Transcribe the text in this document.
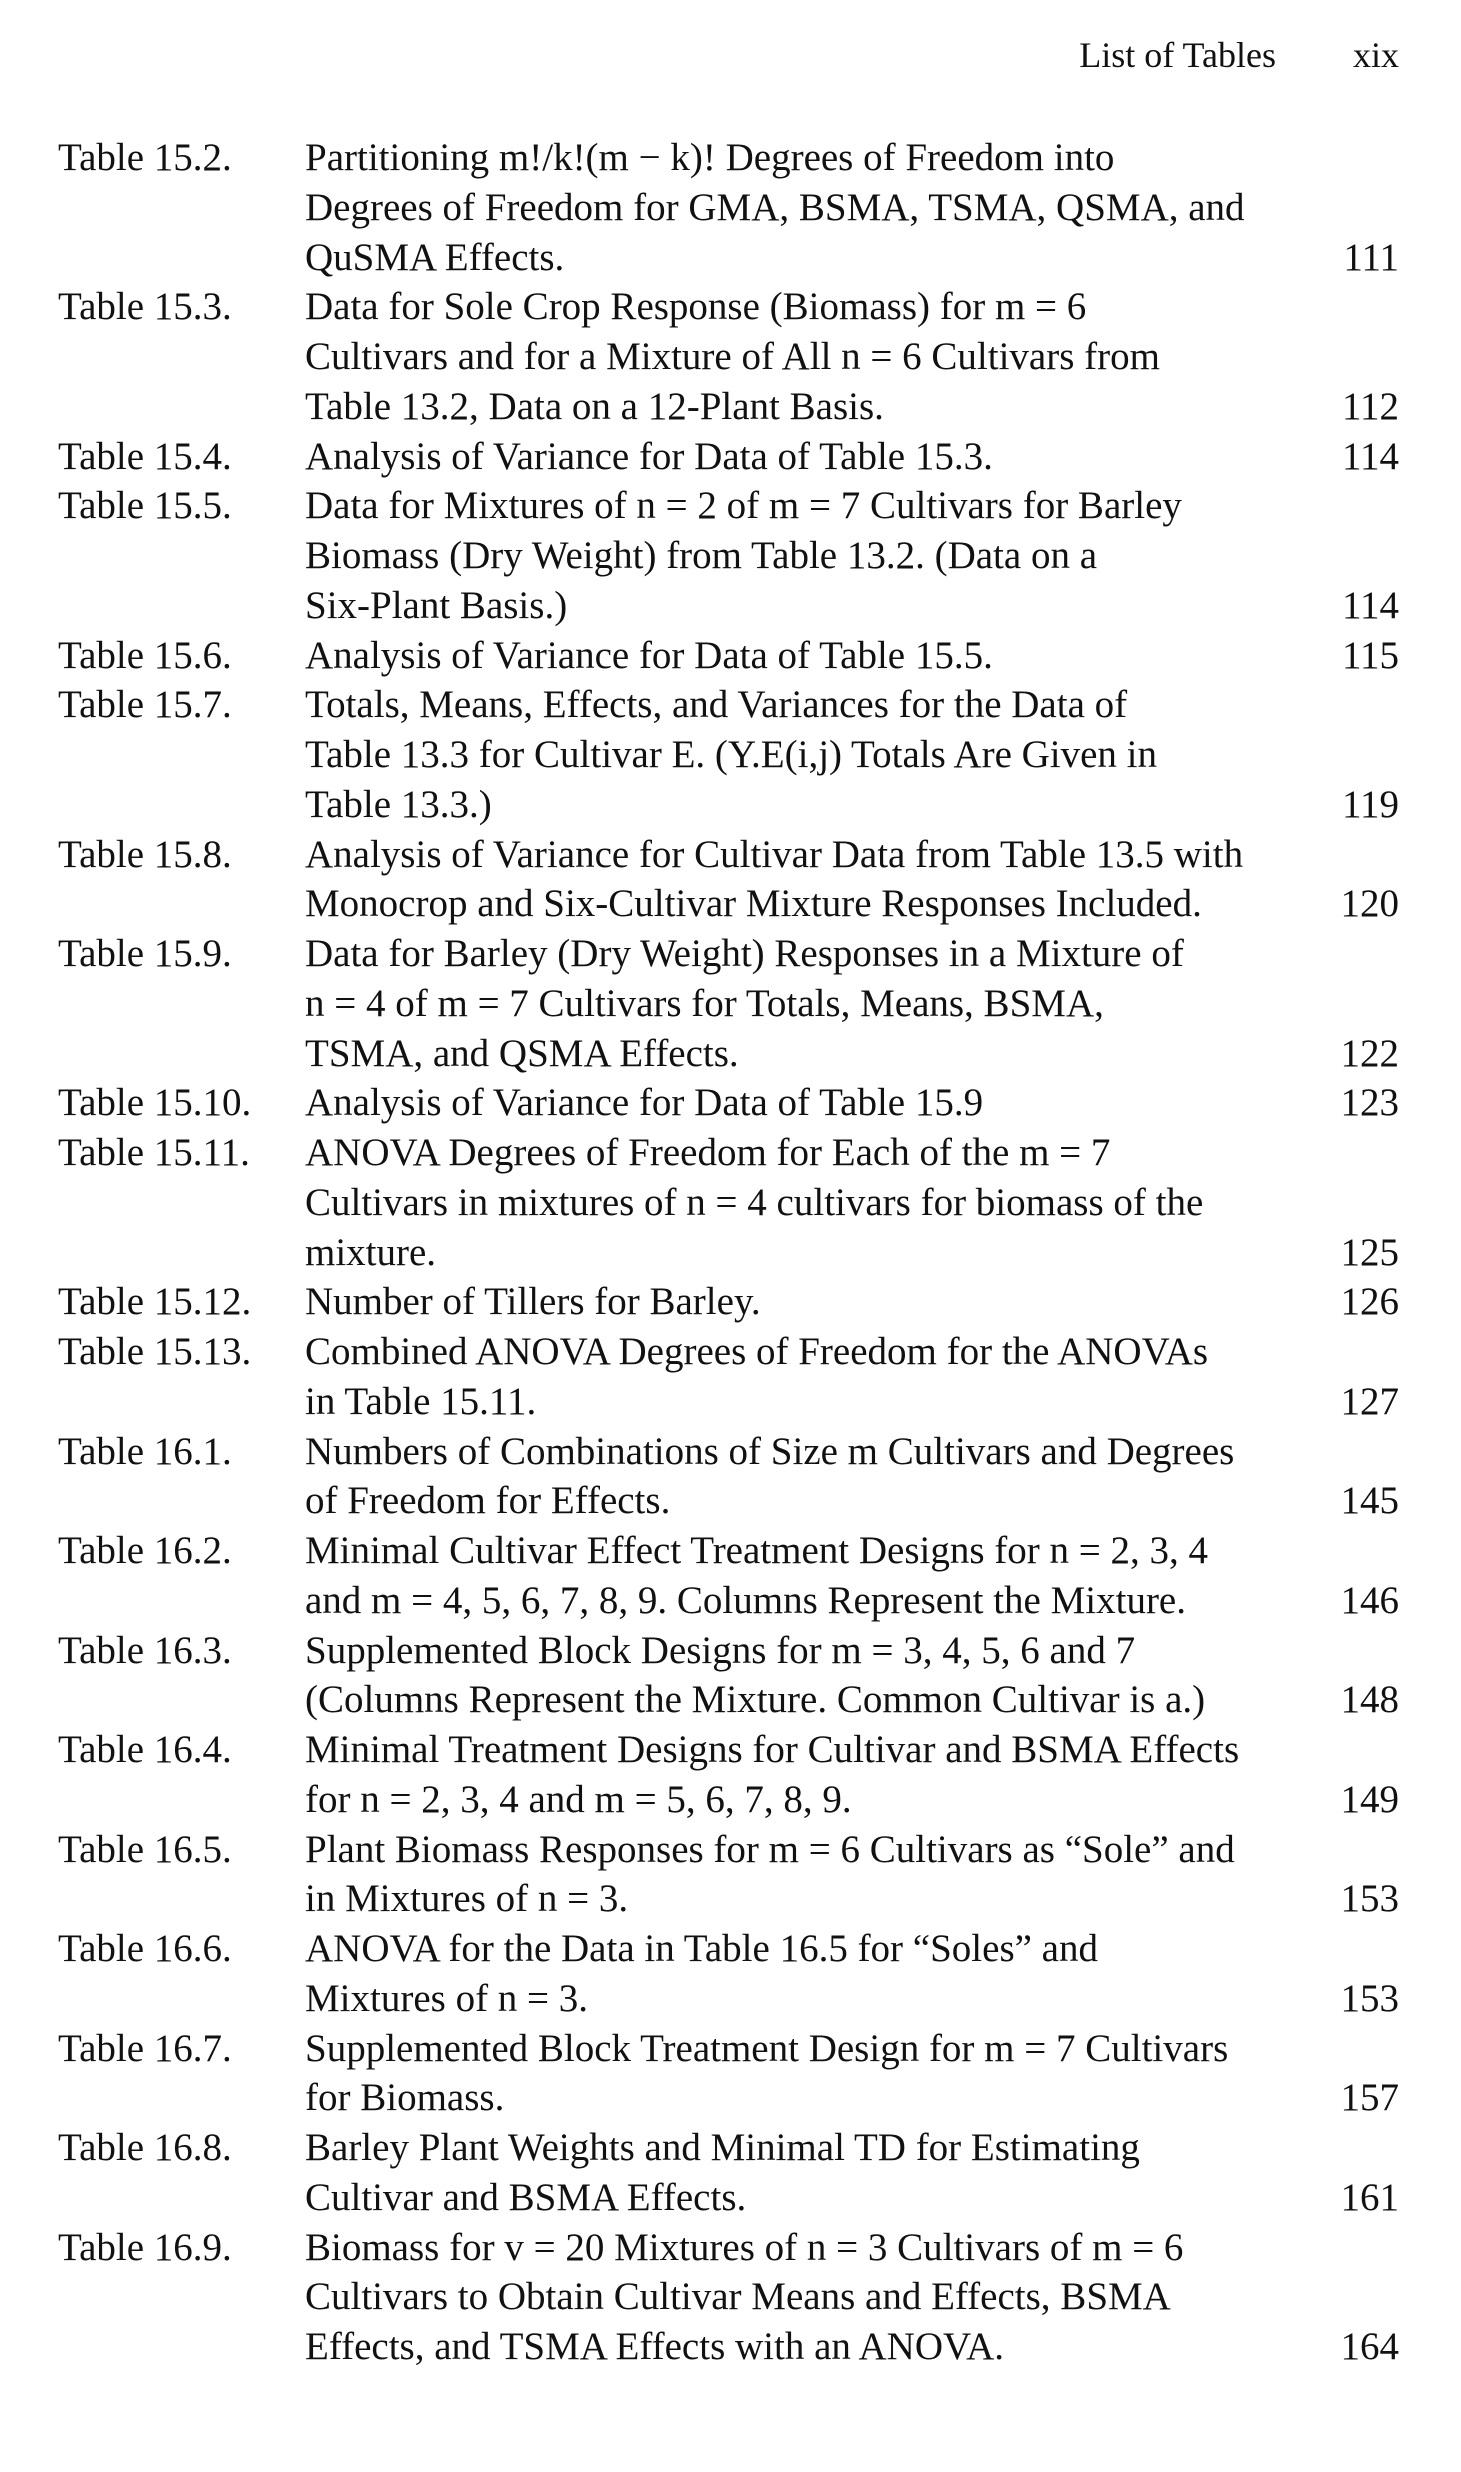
List of Tables xix
Table 15.2. Partitioning m!/k!(m − k)! Degrees of Freedom into
Degrees of Freedom for GMA, BSMA, TSMA, QSMA, and
QuSMA Effects.	111
Table 15.3. Data for Sole Crop Response (Biomass) for m = 6
Cultivars and for a Mixture of All n = 6 Cultivars from
Table 13.2, Data on a 12-Plant Basis.	112
Table 15.4. Analysis of Variance for Data of Table 15.3.	114
Table 15.5. Data for Mixtures of n = 2 of m = 7 Cultivars for Barley
Biomass (Dry Weight) from Table 13.2. (Data on a
Six-Plant Basis.)	114
Table 15.6. Analysis of Variance for Data of Table 15.5.	115
Table 15.7. Totals, Means, Effects, and Variances for the Data of
Table 13.3 for Cultivar E. (Y.E(i,j) Totals Are Given in
Table 13.3.)	119
Table 15.8. Analysis of Variance for Cultivar Data from Table 13.5 with
Monocrop and Six-Cultivar Mixture Responses Included.	120
Table 15.9. Data for Barley (Dry Weight) Responses in a Mixture of
n = 4 of m = 7 Cultivars for Totals, Means, BSMA,
TSMA, and QSMA Effects.	122
Table 15.10. Analysis of Variance for Data of Table 15.9	123
Table 15.11. ANOVA Degrees of Freedom for Each of the m = 7
Cultivars in mixtures of n = 4 cultivars for biomass of the
mixture.	125
Table 15.12. Number of Tillers for Barley.	126
Table 15.13. Combined ANOVA Degrees of Freedom for the ANOVAs
in Table 15.11.	127
Table 16.1. Numbers of Combinations of Size m Cultivars and Degrees
of Freedom for Effects.	145
Table 16.2. Minimal Cultivar Effect Treatment Designs for n = 2, 3, 4
and m = 4, 5, 6, 7, 8, 9. Columns Represent the Mixture.	146
Table 16.3. Supplemented Block Designs for m = 3, 4, 5, 6 and 7
(Columns Represent the Mixture. Common Cultivar is a.)	148
Table 16.4. Minimal Treatment Designs for Cultivar and BSMA Effects
for n = 2, 3, 4 and m = 5, 6, 7, 8, 9.	149
Table 16.5. Plant Biomass Responses for m = 6 Cultivars as “Sole” and
in Mixtures of n = 3.	153
Table 16.6. ANOVA for the Data in Table 16.5 for “Soles” and
Mixtures of n = 3.	153
Table 16.7. Supplemented Block Treatment Design for m = 7 Cultivars
for Biomass.	157
Table 16.8. Barley Plant Weights and Minimal TD for Estimating
Cultivar and BSMA Effects.	161
Table 16.9. Biomass for v = 20 Mixtures of n = 3 Cultivars of m = 6
Cultivars to Obtain Cultivar Means and Effects, BSMA
Effects, and TSMA Effects with an ANOVA.	164
